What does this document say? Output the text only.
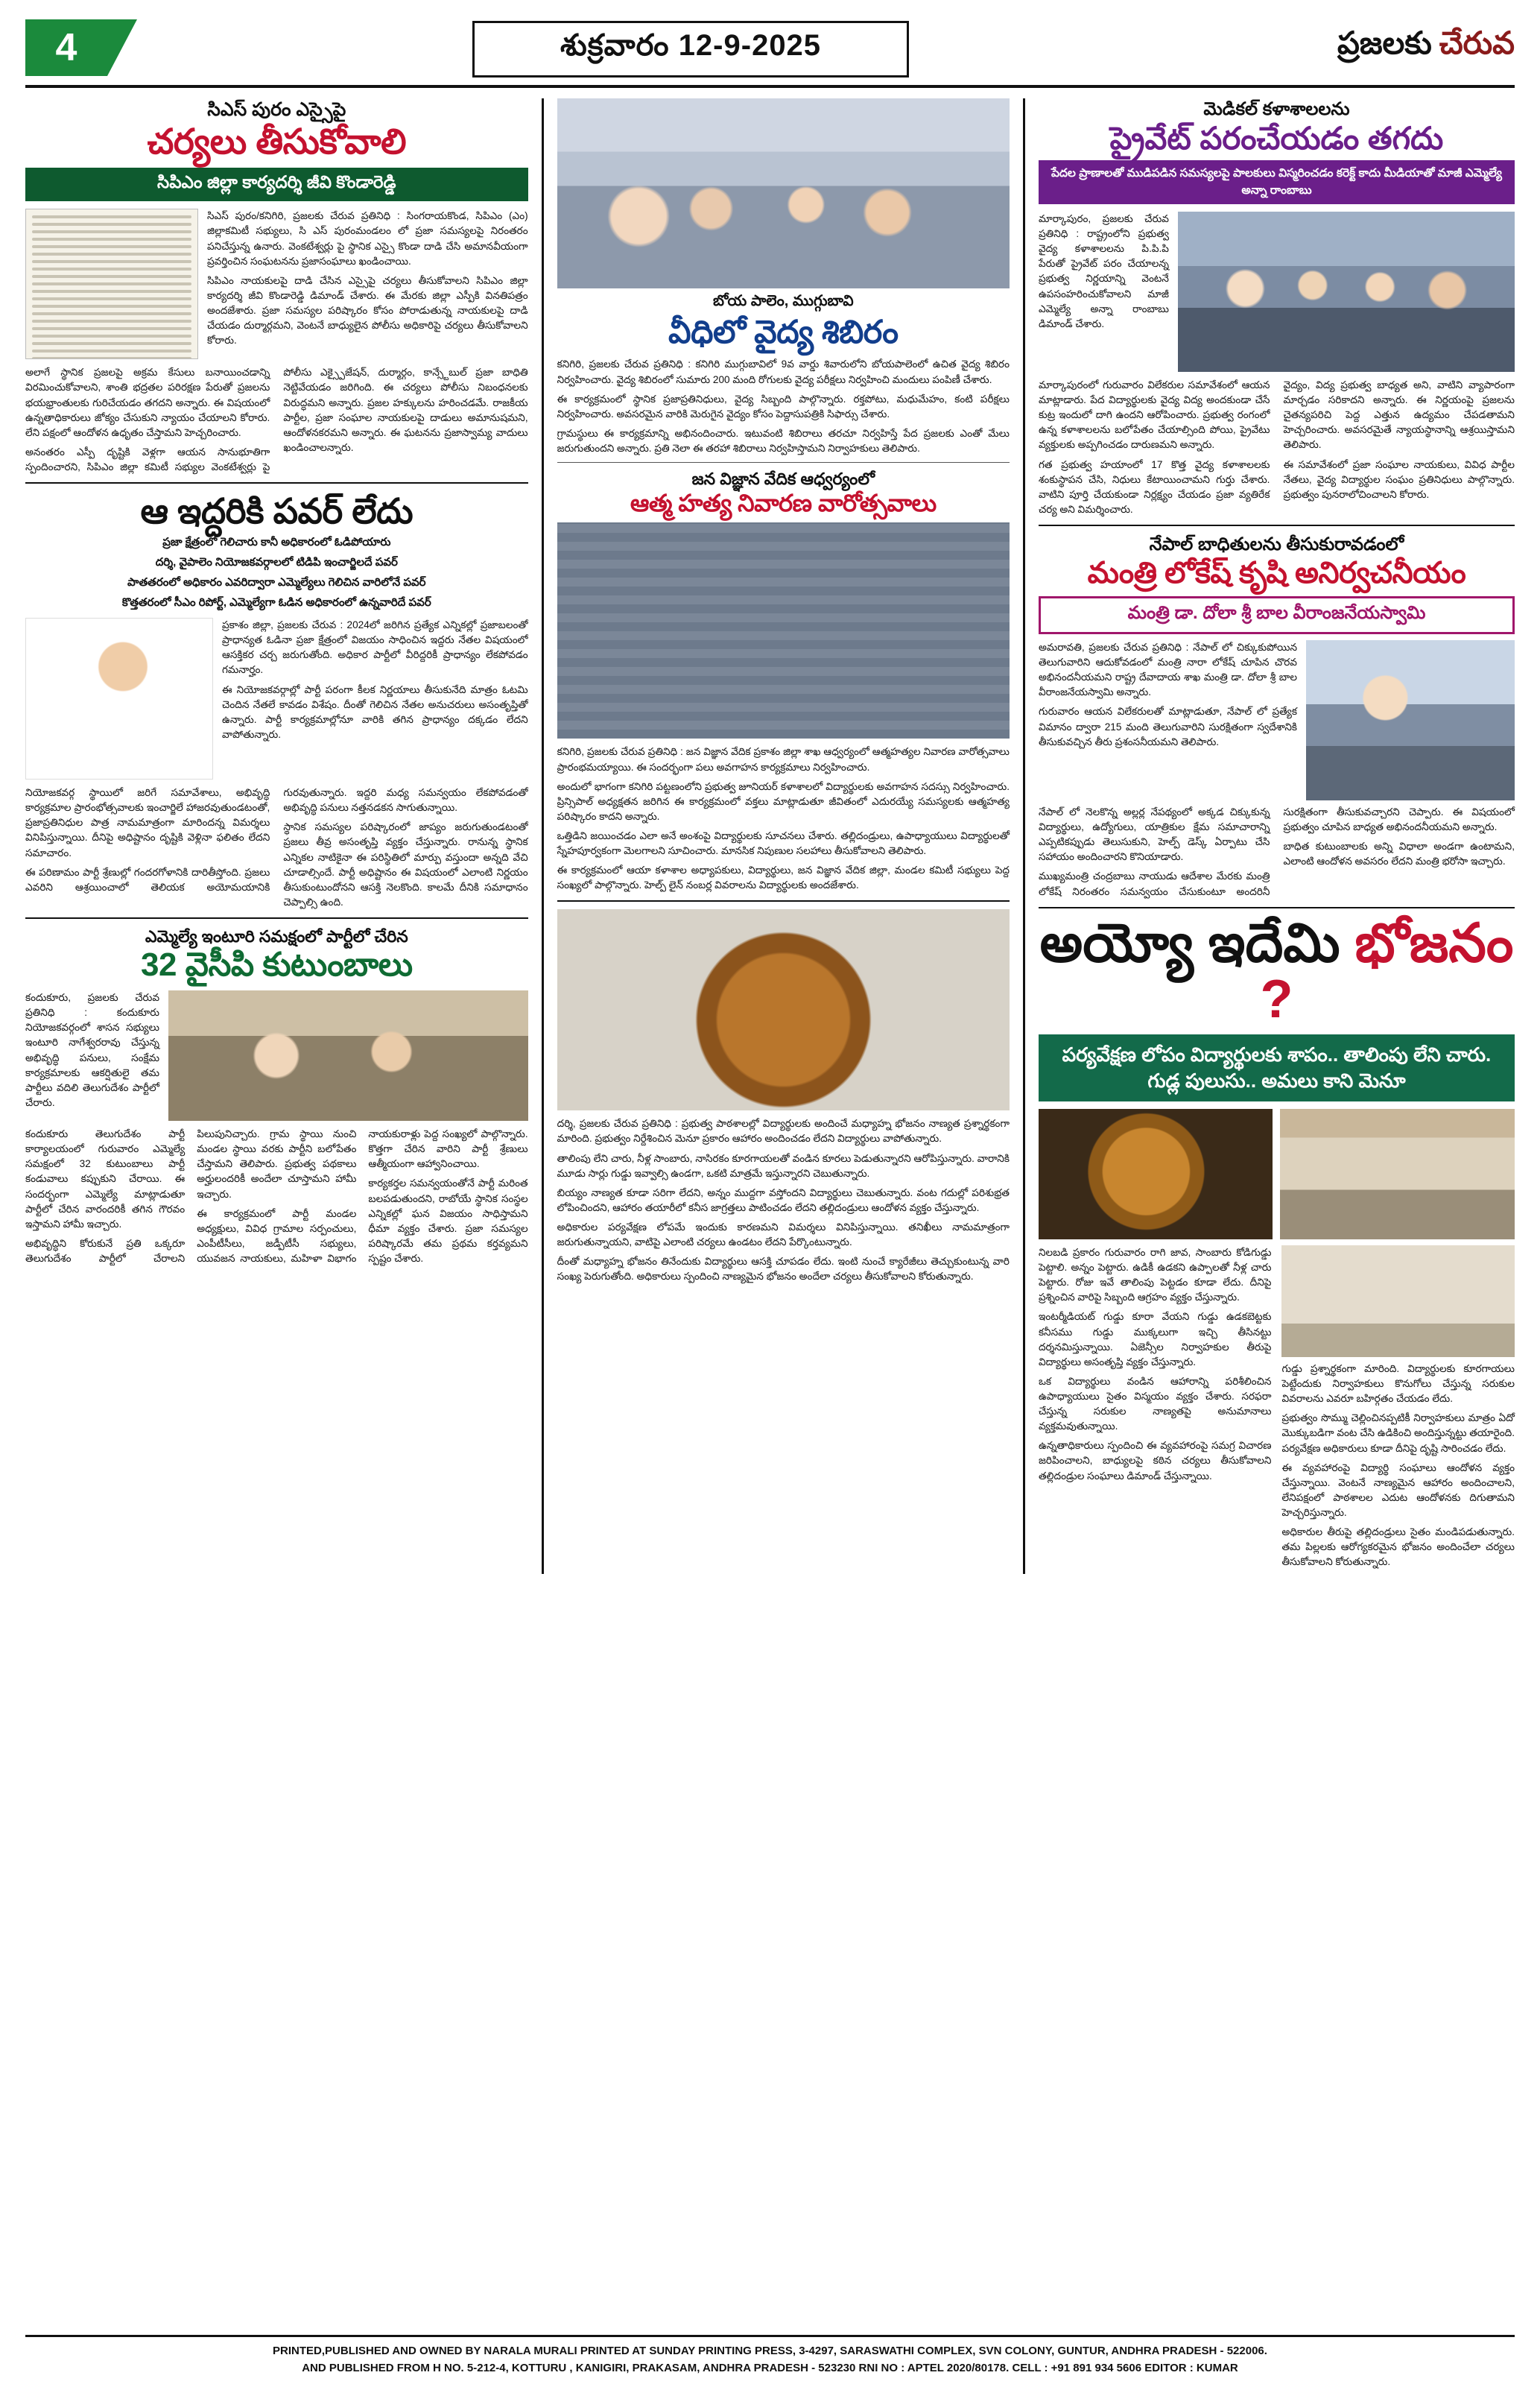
4	శుక్రవారం 12-9-2025	ప్రజలకు చేరువ
సిఎస్ పురం ఎస్సైపై
చర్యలు తీసుకోవాలి
సిపిఎం జిల్లా కార్యదర్శి జీవి కొండారెడ్డి

సిఎస్ పురం/కనిగిరి, ప్రజలకు చేరువ ప్రతినిధి : సింగరాయకొండ, సిపిఎం (ఎం) జిల్లాకమిటీ సభ్యులు, సి ఎస్ పురంమండలం లో ప్రజా సమస్యలపై నిరంతరం పనిచేస్తున్న ఉనారు. వెంకటేశ్వర్లు పై స్థానిక ఎస్సై కొండా దాడి చేసి అమానవీయంగా ప్రవర్తించిన సంఘటనను ప్రజాసంఘాలు ఖండించాయి.

సిపిఎం నాయకులపై దాడి చేసిన ఎస్సైపై చర్యలు తీసుకోవాలని సిపిఎం జిల్లా కార్యదర్శి జీవి కొండారెడ్డి డిమాండ్ చేశారు. ఈ మేరకు జిల్లా ఎస్పీకి వినతిపత్రం అందజేశారు. ప్రజా సమస్యల పరిష్కారం కోసం పోరాడుతున్న నాయకులపై దాడి చేయడం దుర్మార్గమని, వెంటనే బాధ్యులైన పోలీసు అధికారిపై చర్యలు తీసుకోవాలని కోరారు.

అలాగే స్థానిక ప్రజలపై అక్రమ కేసులు బనాయించడాన్ని విరమించుకోవాలని, శాంతి భద్రతల పరిరక్షణ పేరుతో ప్రజలను భయభ్రాంతులకు గురిచేయడం తగదని అన్నారు. ఈ విషయంలో ఉన్నతాధికారులు జోక్యం చేసుకుని న్యాయం చేయాలని కోరారు. లేని పక్షంలో ఆందోళన ఉధృతం చేస్తామని హెచ్చరించారు.

అనంతరం ఎస్పీ దృష్టికి వెళ్లగా ఆయన సానుభూతిగా స్పందించారని, సిపిఎం జిల్లా కమిటీ సభ్యుల వెంకటేశ్వర్లు పై పోలీసు ఎక్స్పైజేషన్, దుర్మార్గం, కాన్స్టేబుల్ ప్రజా బాధితి నెట్టివేయడం జరిగింది. ఈ చర్యలు పోలీసు నిబంధనలకు విరుద్ధమని అన్నారు. ప్రజల హక్కులను హరించడమే. రాజకీయ పార్టీల, ప్రజా సంఘాల నాయకులపై దాడులు అమానుషమని, ఆందోళనకరమని అన్నారు. ఈ ఘటనను ప్రజాస్వామ్య వాదులు ఖండించాలన్నారు.

ఆ ఇద్దరికి పవర్ లేదు
ప్రజా క్షేత్రంలో గెలిచారు కానీ అధికారంలో ఓడిపోయారు
దర్శి, వైపాలెం నియోజకవర్గాలలో టిడిపి ఇంచార్జిలదే పవర్
పాతతరంలో అధికారం ఎవరిద్వారా ఎమ్మెల్యేలు గెలిచిన వారిలోనే పవర్
కొత్తతరంలో సీఎం రిపోర్ట్, ఎమ్మెల్యేగా ఓడిన అధికారంలో ఉన్నవారిదే పవర్

ప్రకాశం జిల్లా, ప్రజలకు చేరువ : 2024లో జరిగిన ప్రత్యేక ఎన్నికల్లో ప్రజాబలంతో ప్రాధాన్యత ఓడినా ప్రజా క్షేత్రంలో విజయం సాధించిన ఇద్దరు నేతల విషయంలో ఆసక్తికర చర్చ జరుగుతోంది. అధికార పార్టీలో వీరిద్దరికీ ప్రాధాన్యం లేకపోవడం గమనార్హం.

ఈ నియోజకవర్గాల్లో పార్టీ పరంగా కీలక నిర్ణయాలు తీసుకునేది మాత్రం ఓటమి చెందిన నేతలే కావడం విశేషం. దీంతో గెలిచిన నేతల అనుచరులు అసంతృప్తితో ఉన్నారు. పార్టీ కార్యక్రమాల్లోనూ వారికి తగిన ప్రాధాన్యం దక్కడం లేదని వాపోతున్నారు.

నియోజకవర్గ స్థాయిలో జరిగే సమావేశాలు, అభివృద్ధి కార్యక్రమాల ప్రారంభోత్సవాలకు ఇంచార్జిలే హాజరవుతుండటంతో, ప్రజాప్రతినిధుల పాత్ర నామమాత్రంగా మారిందన్న విమర్శలు వినిపిస్తున్నాయి. దీనిపై అధిష్టానం దృష్టికి వెళ్లినా ఫలితం లేదని సమాచారం.

ఈ పరిణామం పార్టీ శ్రేణుల్లో గందరగోళానికి దారితీస్తోంది. ప్రజలు ఎవరిని ఆశ్రయించాలో తెలియక అయోమయానికి గురవుతున్నారు. ఇద్దరి మధ్య సమన్వయం లేకపోవడంతో అభివృద్ధి పనులు నత్తనడకన సాగుతున్నాయి.

స్థానిక సమస్యల పరిష్కారంలో జాప్యం జరుగుతుండటంతో ప్రజలు తీవ్ర అసంతృప్తి వ్యక్తం చేస్తున్నారు. రానున్న స్థానిక ఎన్నికల నాటికైనా ఈ పరిస్థితిలో మార్పు వస్తుందా అన్నది వేచి చూడాల్సిందే. పార్టీ అధిష్టానం ఈ విషయంలో ఎలాంటి నిర్ణయం తీసుకుంటుందోనని ఆసక్తి నెలకొంది. కాలమే దీనికి సమాధానం చెప్పాల్సి ఉంది.

ఎమ్మెల్యే ఇంటూరి సమక్షంలో పార్టీలో చేరిన
32 వైసీపి కుటుంబాలు

కందుకూరు, ప్రజలకు చేరువ ప్రతినిధి : కందుకూరు నియోజకవర్గంలో శాసన సభ్యులు ఇంటూరి నాగేశ్వరరావు చేస్తున్న అభివృద్ధి పనులు, సంక్షేమ కార్యక్రమాలకు ఆకర్షితులై తమ పార్టీలు వదిలి తెలుగుదేశం పార్టీలో చేరారు.

కందుకూరు తెలుగుదేశం పార్టీ కార్యాలయంలో గురువారం ఎమ్మెల్యే సమక్షంలో 32 కుటుంబాలు పార్టీ కండువాలు కప్పుకుని చేరాయి. ఈ సందర్భంగా ఎమ్మెల్యే మాట్లాడుతూ పార్టీలో చేరిన వారందరికీ తగిన గౌరవం ఇస్తామని హామీ ఇచ్చారు.

అభివృద్ధిని కోరుకునే ప్రతి ఒక్కరూ తెలుగుదేశం పార్టీలో చేరాలని పిలుపునిచ్చారు. గ్రామ స్థాయి నుంచి మండల స్థాయి వరకు పార్టీని బలోపేతం చేస్తామని తెలిపారు. ప్రభుత్వ పథకాలు అర్హులందరికీ అందేలా చూస్తామని హామీ ఇచ్చారు.

ఈ కార్యక్రమంలో పార్టీ మండల అధ్యక్షులు, వివిధ గ్రామాల సర్పంచులు, ఎంపీటీసీలు, జడ్పీటీసీ సభ్యులు, యువజన నాయకులు, మహిళా విభాగం నాయకురాళ్లు పెద్ద సంఖ్యలో పాల్గొన్నారు. కొత్తగా చేరిన వారిని పార్టీ శ్రేణులు ఆత్మీయంగా ఆహ్వానించాయి.

కార్యకర్తల సమన్వయంతోనే పార్టీ మరింత బలపడుతుందని, రాబోయే స్థానిక సంస్థల ఎన్నికల్లో ఘన విజయం సాధిస్తామని ధీమా వ్యక్తం చేశారు. ప్రజా సమస్యల పరిష్కారమే తమ ప్రథమ కర్తవ్యమని స్పష్టం చేశారు.

బోయ పాలెం, ముగ్గుబావి
వీధిలో వైద్య శిబిరం

కనిగిరి, ప్రజలకు చేరువ ప్రతినిధి : కనిగిరి ముగ్గుబావిలో 9వ వార్డు శివారులోని బోయపాలెంలో ఉచిత వైద్య శిబిరం నిర్వహించారు. వైద్య శిబిరంలో సుమారు 200 మంది రోగులకు వైద్య పరీక్షలు నిర్వహించి మందులు పంపిణీ చేశారు.

ఈ కార్యక్రమంలో స్థానిక ప్రజాప్రతినిధులు, వైద్య సిబ్బంది పాల్గొన్నారు. రక్తపోటు, మధుమేహం, కంటి పరీక్షలు నిర్వహించారు. అవసరమైన వారికి మెరుగైన వైద్యం కోసం పెద్దాసుపత్రికి సిఫార్సు చేశారు.

గ్రామస్థులు ఈ కార్యక్రమాన్ని అభినందించారు. ఇటువంటి శిబిరాలు తరచూ నిర్వహిస్తే పేద ప్రజలకు ఎంతో మేలు జరుగుతుందని అన్నారు. ప్రతి నెలా ఈ తరహా శిబిరాలు నిర్వహిస్తామని నిర్వాహకులు తెలిపారు.

జన విజ్ఞాన వేదిక ఆధ్వర్యంలో
ఆత్మ హత్య నివారణ వారోత్సవాలు

కనిగిరి, ప్రజలకు చేరువ ప్రతినిధి : జన విజ్ఞాన వేదిక ప్రకాశం జిల్లా శాఖ ఆధ్వర్యంలో ఆత్మహత్యల నివారణ వారోత్సవాలు ప్రారంభమయ్యాయి. ఈ సందర్భంగా పలు అవగాహన కార్యక్రమాలు నిర్వహించారు.

అందులో భాగంగా కనిగిరి పట్టణంలోని ప్రభుత్వ జూనియర్ కళాశాలలో విద్యార్థులకు అవగాహన సదస్సు నిర్వహించారు. ప్రిన్సిపాల్ అధ్యక్షతన జరిగిన ఈ కార్యక్రమంలో వక్తలు మాట్లాడుతూ జీవితంలో ఎదురయ్యే సమస్యలకు ఆత్మహత్య పరిష్కారం కాదని అన్నారు.

ఒత్తిడిని జయించడం ఎలా అనే అంశంపై విద్యార్థులకు సూచనలు చేశారు. తల్లిదండ్రులు, ఉపాధ్యాయులు విద్యార్థులతో స్నేహపూర్వకంగా మెలగాలని సూచించారు. మానసిక నిపుణుల సలహాలు తీసుకోవాలని తెలిపారు.

ఈ కార్యక్రమంలో ఆయా కళాశాల అధ్యాపకులు, విద్యార్థులు, జన విజ్ఞాన వేదిక జిల్లా, మండల కమిటీ సభ్యులు పెద్ద సంఖ్యలో పాల్గొన్నారు. హెల్ప్ లైన్ నంబర్ల వివరాలను విద్యార్థులకు అందజేశారు.

దర్శి, ప్రజలకు చేరువ ప్రతినిధి : ప్రభుత్వ పాఠశాలల్లో విద్యార్థులకు అందించే మధ్యాహ్న భోజనం నాణ్యత ప్రశ్నార్థకంగా మారింది. ప్రభుత్వం నిర్దేశించిన మెనూ ప్రకారం ఆహారం అందించడం లేదని విద్యార్థులు వాపోతున్నారు.

తాలింపు లేని చారు, నీళ్ల సాంబారు, నాసిరకం కూరగాయలతో వండిన కూరలు పెడుతున్నారని ఆరోపిస్తున్నారు. వారానికి మూడు సార్లు గుడ్డు ఇవ్వాల్సి ఉండగా, ఒకటి మాత్రమే ఇస్తున్నారని చెబుతున్నారు.

బియ్యం నాణ్యత కూడా సరిగా లేదని, అన్నం ముద్దగా వస్తోందని విద్యార్థులు చెబుతున్నారు. వంట గదుల్లో పరిశుభ్రత లోపించిందని, ఆహారం తయారీలో కనీస జాగ్రత్తలు పాటించడం లేదని తల్లిదండ్రులు ఆందోళన వ్యక్తం చేస్తున్నారు.

అధికారుల పర్యవేక్షణ లోపమే ఇందుకు కారణమని విమర్శలు వినిపిస్తున్నాయి. తనిఖీలు నామమాత్రంగా జరుగుతున్నాయని, వాటిపై ఎలాంటి చర్యలు ఉండటం లేదని పేర్కొంటున్నారు.

దీంతో మధ్యాహ్న భోజనం తినేందుకు విద్యార్థులు ఆసక్తి చూపడం లేదు. ఇంటి నుంచే క్యారేజీలు తెచ్చుకుంటున్న వారి సంఖ్య పెరుగుతోంది. అధికారులు స్పందించి నాణ్యమైన భోజనం అందేలా చర్యలు తీసుకోవాలని కోరుతున్నారు.

మెడికల్ కళాశాలలను
ప్రైవేట్ పరంచేయడం తగదు
పేదల ప్రాణాలతో ముడిపడిన సమస్యలపై పాలకులు విస్మరించడం కరెక్ట్ కాదు మీడియాతో మాజీ ఎమ్మెల్యే అన్నా రాంబాబు

మార్కాపురం, ప్రజలకు చేరువ ప్రతినిధి : రాష్ట్రంలోని ప్రభుత్వ వైద్య కళాశాలలను పి.పి.పి పేరుతో ప్రైవేట్ పరం చేయాలన్న ప్రభుత్వ నిర్ణయాన్ని వెంటనే ఉపసంహరించుకోవాలని మాజీ ఎమ్మెల్యే అన్నా రాంబాబు డిమాండ్ చేశారు.

మార్కాపురంలో గురువారం విలేకరుల సమావేశంలో ఆయన మాట్లాడారు. పేద విద్యార్థులకు వైద్య విద్య అందకుండా చేసే కుట్ర ఇందులో దాగి ఉందని ఆరోపించారు. ప్రభుత్వ రంగంలో ఉన్న కళాశాలలను బలోపేతం చేయాల్సింది పోయి, ప్రైవేటు వ్యక్తులకు అప్పగించడం దారుణమని అన్నారు.

గత ప్రభుత్వ హయాంలో 17 కొత్త వైద్య కళాశాలలకు శంకుస్థాపన చేసి, నిధులు కేటాయించామని గుర్తు చేశారు. వాటిని పూర్తి చేయకుండా నిర్లక్ష్యం చేయడం ప్రజా వ్యతిరేక చర్య అని విమర్శించారు.

వైద్యం, విద్య ప్రభుత్వ బాధ్యత అని, వాటిని వ్యాపారంగా మార్చడం సరికాదని అన్నారు. ఈ నిర్ణయంపై ప్రజలను చైతన్యపరిచి పెద్ద ఎత్తున ఉద్యమం చేపడతామని హెచ్చరించారు. అవసరమైతే న్యాయస్థానాన్ని ఆశ్రయిస్తామని తెలిపారు.

ఈ సమావేశంలో ప్రజా సంఘాల నాయకులు, వివిధ పార్టీల నేతలు, వైద్య విద్యార్థుల సంఘం ప్రతినిధులు పాల్గొన్నారు. ప్రభుత్వం పునరాలోచించాలని కోరారు.

నేపాల్ బాధితులను తీసుకురావడంలో
మంత్రి లోకేష్ కృషి అనిర్వచనీయం
మంత్రి డా. దోలా శ్రీ బాల వీరాంజనేయస్వామి

అమరావతి, ప్రజలకు చేరువ ప్రతినిధి : నేపాల్ లో చిక్కుకుపోయిన తెలుగువారిని ఆదుకోవడంలో మంత్రి నారా లోకేష్ చూపిన చొరవ అభినందనీయమని రాష్ట్ర దేవాదాయ శాఖ మంత్రి డా. దోలా శ్రీ బాల వీరాంజనేయస్వామి అన్నారు.

గురువారం ఆయన విలేకరులతో మాట్లాడుతూ, నేపాల్ లో ప్రత్యేక విమానం ద్వారా 215 మంది తెలుగువారిని సురక్షితంగా స్వదేశానికి తీసుకువచ్చిన తీరు ప్రశంసనీయమని తెలిపారు.

నేపాల్ లో నెలకొన్న అల్లర్ల నేపథ్యంలో అక్కడ చిక్కుకున్న విద్యార్థులు, ఉద్యోగులు, యాత్రికుల క్షేమ సమాచారాన్ని ఎప్పటికప్పుడు తెలుసుకుని, హెల్ప్ డెస్క్ ఏర్పాటు చేసి సహాయం అందించారని కొనియాడారు.

ముఖ్యమంత్రి చంద్రబాబు నాయుడు ఆదేశాల మేరకు మంత్రి లోకేష్ నిరంతరం సమన్వయం చేసుకుంటూ అందరినీ సురక్షితంగా తీసుకువచ్చారని చెప్పారు. ఈ విషయంలో ప్రభుత్వం చూపిన బాధ్యత అభినందనీయమని అన్నారు.

బాధిత కుటుంబాలకు అన్ని విధాలా అండగా ఉంటామని, ఎలాంటి ఆందోళన అవసరం లేదని మంత్రి భరోసా ఇచ్చారు.

అయ్యో ఇదేమి భోజనం ?
పర్యవేక్షణ లోపం విద్యార్థులకు శాపం.. తాలింపు లేని చారు. గుడ్ల పులుసు.. అమలు కాని మెనూ

నిలబడి ప్రకారం గురువారం రాగి జావ, సాంబారు కోడిగుడ్డు పెట్టాలి. అన్నం పెట్టారు. ఉడికీ ఉడకని ఉప్పాలతో నీళ్ల చారు పెట్టారు. రోజు ఇవే తాలింపు పెట్టడం కూడా లేదు. దీనిపై ప్రశ్నించిన వారిపై సిబ్బంది ఆగ్రహం వ్యక్తం చేస్తున్నారు.

ఇంటర్మీడియట్ గుడ్డు కూరా వేయని గుడ్డు ఉడకబెట్టకు కనీసము గుడ్డు ముక్కలుగా ఇచ్చి తీసినట్టు దర్శనమిస్తున్నాయి. ఏజెన్సీల నిర్వాహకుల తీరుపై విద్యార్థులు అసంతృప్తి వ్యక్తం చేస్తున్నారు.

ఒక విద్యార్థులు వండిన ఆహారాన్ని పరిశీలించిన ఉపాధ్యాయులు సైతం విస్మయం వ్యక్తం చేశారు. సరఫరా చేస్తున్న సరుకుల నాణ్యతపై అనుమానాలు వ్యక్తమవుతున్నాయి.

ఉన్నతాధికారులు స్పందించి ఈ వ్యవహారంపై సమగ్ర విచారణ జరిపించాలని, బాధ్యులపై కఠిన చర్యలు తీసుకోవాలని తల్లిదండ్రుల సంఘాలు డిమాండ్ చేస్తున్నాయి.

గుడ్డు ప్రశ్నార్థకంగా మారింది. విద్యార్థులకు కూరగాయలు పెట్టేందుకు నిర్వాహకులు కొనుగోలు చేస్తున్న సరుకుల వివరాలను ఎవరూ బహిర్గతం చేయడం లేదు.

ప్రభుత్వం సొమ్ము చెల్లించినప్పటికీ నిర్వాహకులు మాత్రం ఏదో మొక్కుబడిగా వంట చేసి ఉడికించి అందిస్తున్నట్టు తయారైంది. పర్యవేక్షణ అధికారులు కూడా దీనిపై దృష్టి సారించడం లేదు.

ఈ వ్యవహారంపై విద్యార్థి సంఘాలు ఆందోళన వ్యక్తం చేస్తున్నాయి. వెంటనే నాణ్యమైన ఆహారం అందించాలని, లేనిపక్షంలో పాఠశాలల ఎదుట ఆందోళనకు దిగుతామని హెచ్చరిస్తున్నారు.

అధికారుల తీరుపై తల్లిదండ్రులు సైతం మండిపడుతున్నారు. తమ పిల్లలకు ఆరోగ్యకరమైన భోజనం అందించేలా చర్యలు తీసుకోవాలని కోరుతున్నారు.

PRINTED,PUBLISHED AND OWNED BY NARALA MURALI PRINTED AT SUNDAY PRINTING PRESS, 3-4297, SARASWATHI COMPLEX, SVN COLONY, GUNTUR, ANDHRA PRADESH - 522006.
AND PUBLISHED FROM H NO. 5-212-4, KOTTURU , KANIGIRI, PRAKASAM, ANDHRA PRADESH - 523230 RNI NO : APTEL 2020/80178. CELL : +91 891 934 5606 EDITOR : KUMAR
